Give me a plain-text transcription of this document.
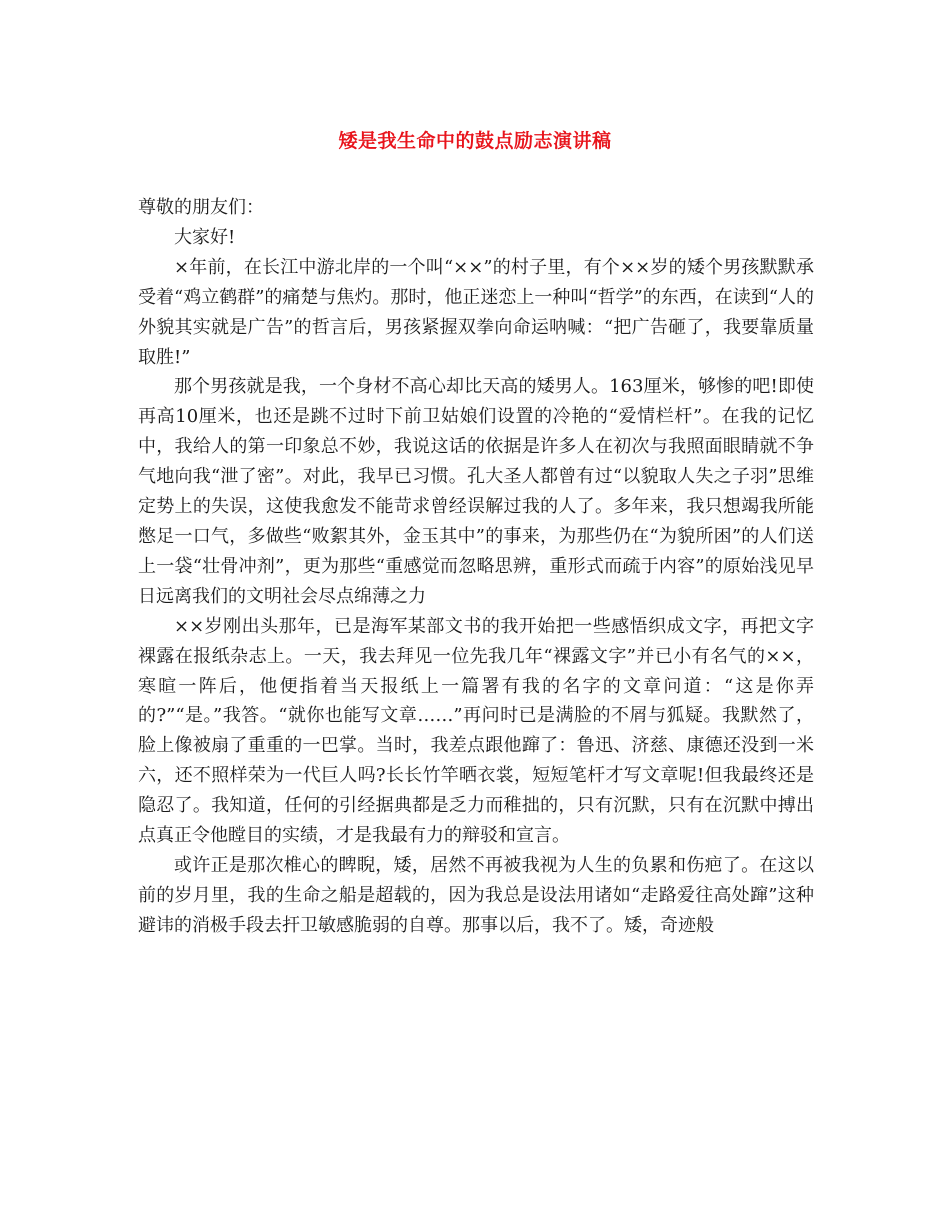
矮是我生命中的鼓点励志演讲稿

尊敬的朋友们：

大家好!

×年前，在长江中游北岸的一个叫“××”的村子里，有个××岁的矮个男孩默默承受着“鸡立鹤群”的痛楚与焦灼。那时，他正迷恋上一种叫“哲学”的东西，在读到“人的外貌其实就是广告”的哲言后，男孩紧握双拳向命运呐喊：“把广告砸了，我要靠质量取胜!”

那个男孩就是我，一个身材不高心却比天高的矮男人。163厘米，够惨的吧!即使再高10厘米，也还是跳不过时下前卫姑娘们设置的冷艳的“爱情栏杆”。在我的记忆中，我给人的第一印象总不妙，我说这话的依据是许多人在初次与我照面眼睛就不争气地向我“泄了密”。对此，我早已习惯。孔大圣人都曾有过“以貌取人失之子羽”思维定势上的失误，这使我愈发不能苛求曾经误解过我的人了。多年来，我只想竭我所能憋足一口气，多做些“败絮其外，金玉其中”的事来，为那些仍在“为貌所困”的人们送上一袋“壮骨冲剂”，更为那些“重感觉而忽略思辨，重形式而疏于内容”的原始浅见早日远离我们的文明社会尽点绵薄之力

××岁刚出头那年，已是海军某部文书的我开始把一些感悟织成文字，再把文字裸露在报纸杂志上。一天，我去拜见一位先我几年“裸露文字”并已小有名气的××，寒暄一阵后，他便指着当天报纸上一篇署有我的名字的文章问道：“这是你弄的?”“是。”我答。“就你也能写文章……”再问时已是满脸的不屑与狐疑。我默然了，脸上像被扇了重重的一巴掌。当时，我差点跟他蹿了：鲁迅、济慈、康德还没到一米六，还不照样荣为一代巨人吗?长长竹竿晒衣裳，短短笔杆才写文章呢!但我最终还是隐忍了。我知道，任何的引经据典都是乏力而稚拙的，只有沉默，只有在沉默中搏出点真正令他瞠目的实绩，才是我最有力的辩驳和宣言。

或许正是那次椎心的睥睨，矮，居然不再被我视为人生的负累和伤疤了。在这以前的岁月里，我的生命之船是超载的，因为我总是设法用诸如“走路爱往高处蹿”这种避讳的消极手段去扞卫敏感脆弱的自尊。那事以后，我不了。矮，奇迹般
